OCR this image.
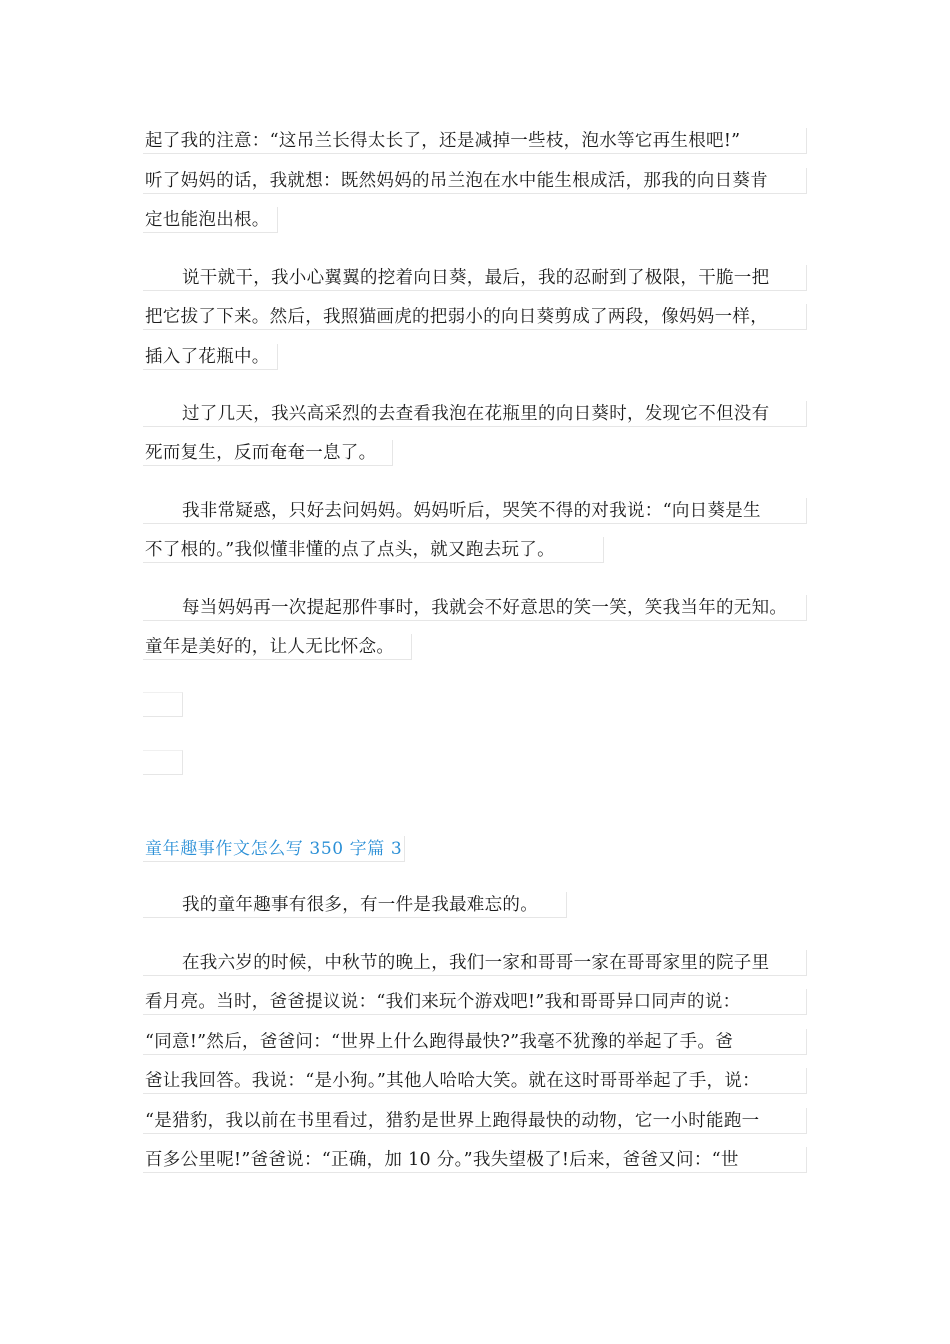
起了我的注意：“这吊兰长得太长了，还是减掉一些枝，泡水等它再生根吧!”
听了妈妈的话，我就想：既然妈妈的吊兰泡在水中能生根成活，那我的向日葵肯
定也能泡出根。
说干就干，我小心翼翼的挖着向日葵，最后，我的忍耐到了极限，干脆一把
把它拔了下来。然后，我照猫画虎的把弱小的向日葵剪成了两段，像妈妈一样，
插入了花瓶中。
过了几天，我兴高采烈的去查看我泡在花瓶里的向日葵时，发现它不但没有
死而复生，反而奄奄一息了。
我非常疑惑，只好去问妈妈。妈妈听后，哭笑不得的对我说：“向日葵是生
不了根的。”我似懂非懂的点了点头，就又跑去玩了。
每当妈妈再一次提起那件事时，我就会不好意思的笑一笑，笑我当年的无知。
童年是美好的，让人无比怀念。
童年趣事作文怎么写 350 字篇 3
我的童年趣事有很多，有一件是我最难忘的。
在我六岁的时候，中秋节的晚上，我们一家和哥哥一家在哥哥家里的院子里
看月亮。当时，爸爸提议说：“我们来玩个游戏吧!”我和哥哥异口同声的说：
“同意!”然后，爸爸问：“世界上什么跑得最快?”我毫不犹豫的举起了手。爸
爸让我回答。我说：“是小狗。”其他人哈哈大笑。就在这时哥哥举起了手，说：
“是猎豹，我以前在书里看过，猎豹是世界上跑得最快的动物，它一小时能跑一
百多公里呢!”爸爸说：“正确，加 10 分。”我失望极了!后来，爸爸又问：“世
